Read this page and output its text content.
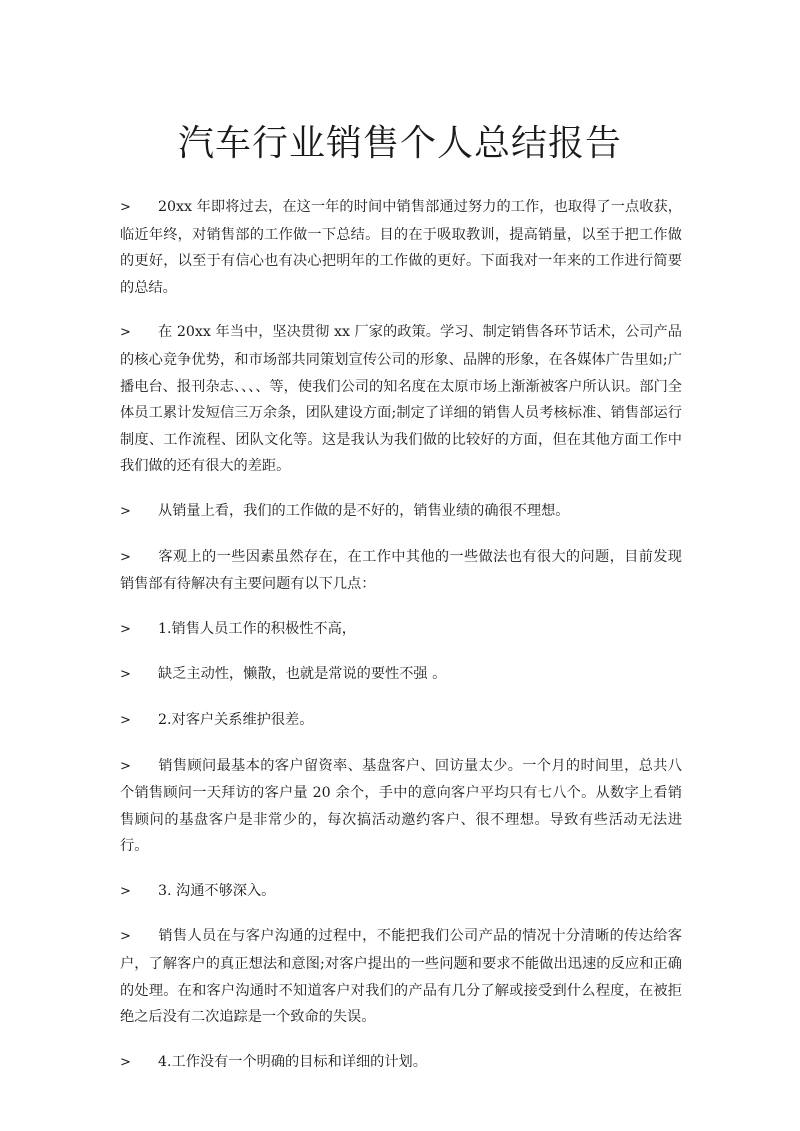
汽车行业销售个人总结报告

> 20xx 年即将过去，在这一年的时间中销售部通过努力的工作，也取得了一点收获，临近年终，对销售部的工作做一下总结。目的在于吸取教训，提高销量，以至于把工作做的更好，以至于有信心也有决心把明年的工作做的更好。下面我对一年来的工作进行简要的总结。

> 在 20xx 年当中，坚决贯彻 xx 厂家的政策。学习、制定销售各环节话术，公司产品的核心竞争优势，和市场部共同策划宣传公司的形象、品牌的形象，在各媒体广告里如;广播电台、报刊杂志、、、、等，使我们公司的知名度在太原市场上渐渐被客户所认识。部门全体员工累计发短信三万余条，团队建设方面;制定了详细的销售人员考核标准、销售部运行制度、工作流程、团队文化等。这是我认为我们做的比较好的方面，但在其他方面工作中我们做的还有很大的差距。

> 从销量上看，我们的工作做的是不好的，销售业绩的确很不理想。

> 客观上的一些因素虽然存在，在工作中其他的一些做法也有很大的问题，目前发现销售部有待解决有主要问题有以下几点：

> 1.销售人员工作的积极性不高，

> 缺乏主动性，懒散，也就是常说的要性不强 。

> 2.对客户关系维护很差。

> 销售顾问最基本的客户留资率、基盘客户、回访量太少。一个月的时间里，总共八个销售顾问一天拜访的客户量 20 余个，手中的意向客户平均只有七八个。从数字上看销售顾问的基盘客户是非常少的，每次搞活动邀约客户、很不理想。导致有些活动无法进行。

> 3. 沟通不够深入。

> 销售人员在与客户沟通的过程中，不能把我们公司产品的情况十分清晰的传达给客户，了解客户的真正想法和意图;对客户提出的一些问题和要求不能做出迅速的反应和正确的处理。在和客户沟通时不知道客户对我们的产品有几分了解或接受到什么程度，在被拒绝之后没有二次追踪是一个致命的失误。

> 4.工作没有一个明确的目标和详细的计划。
